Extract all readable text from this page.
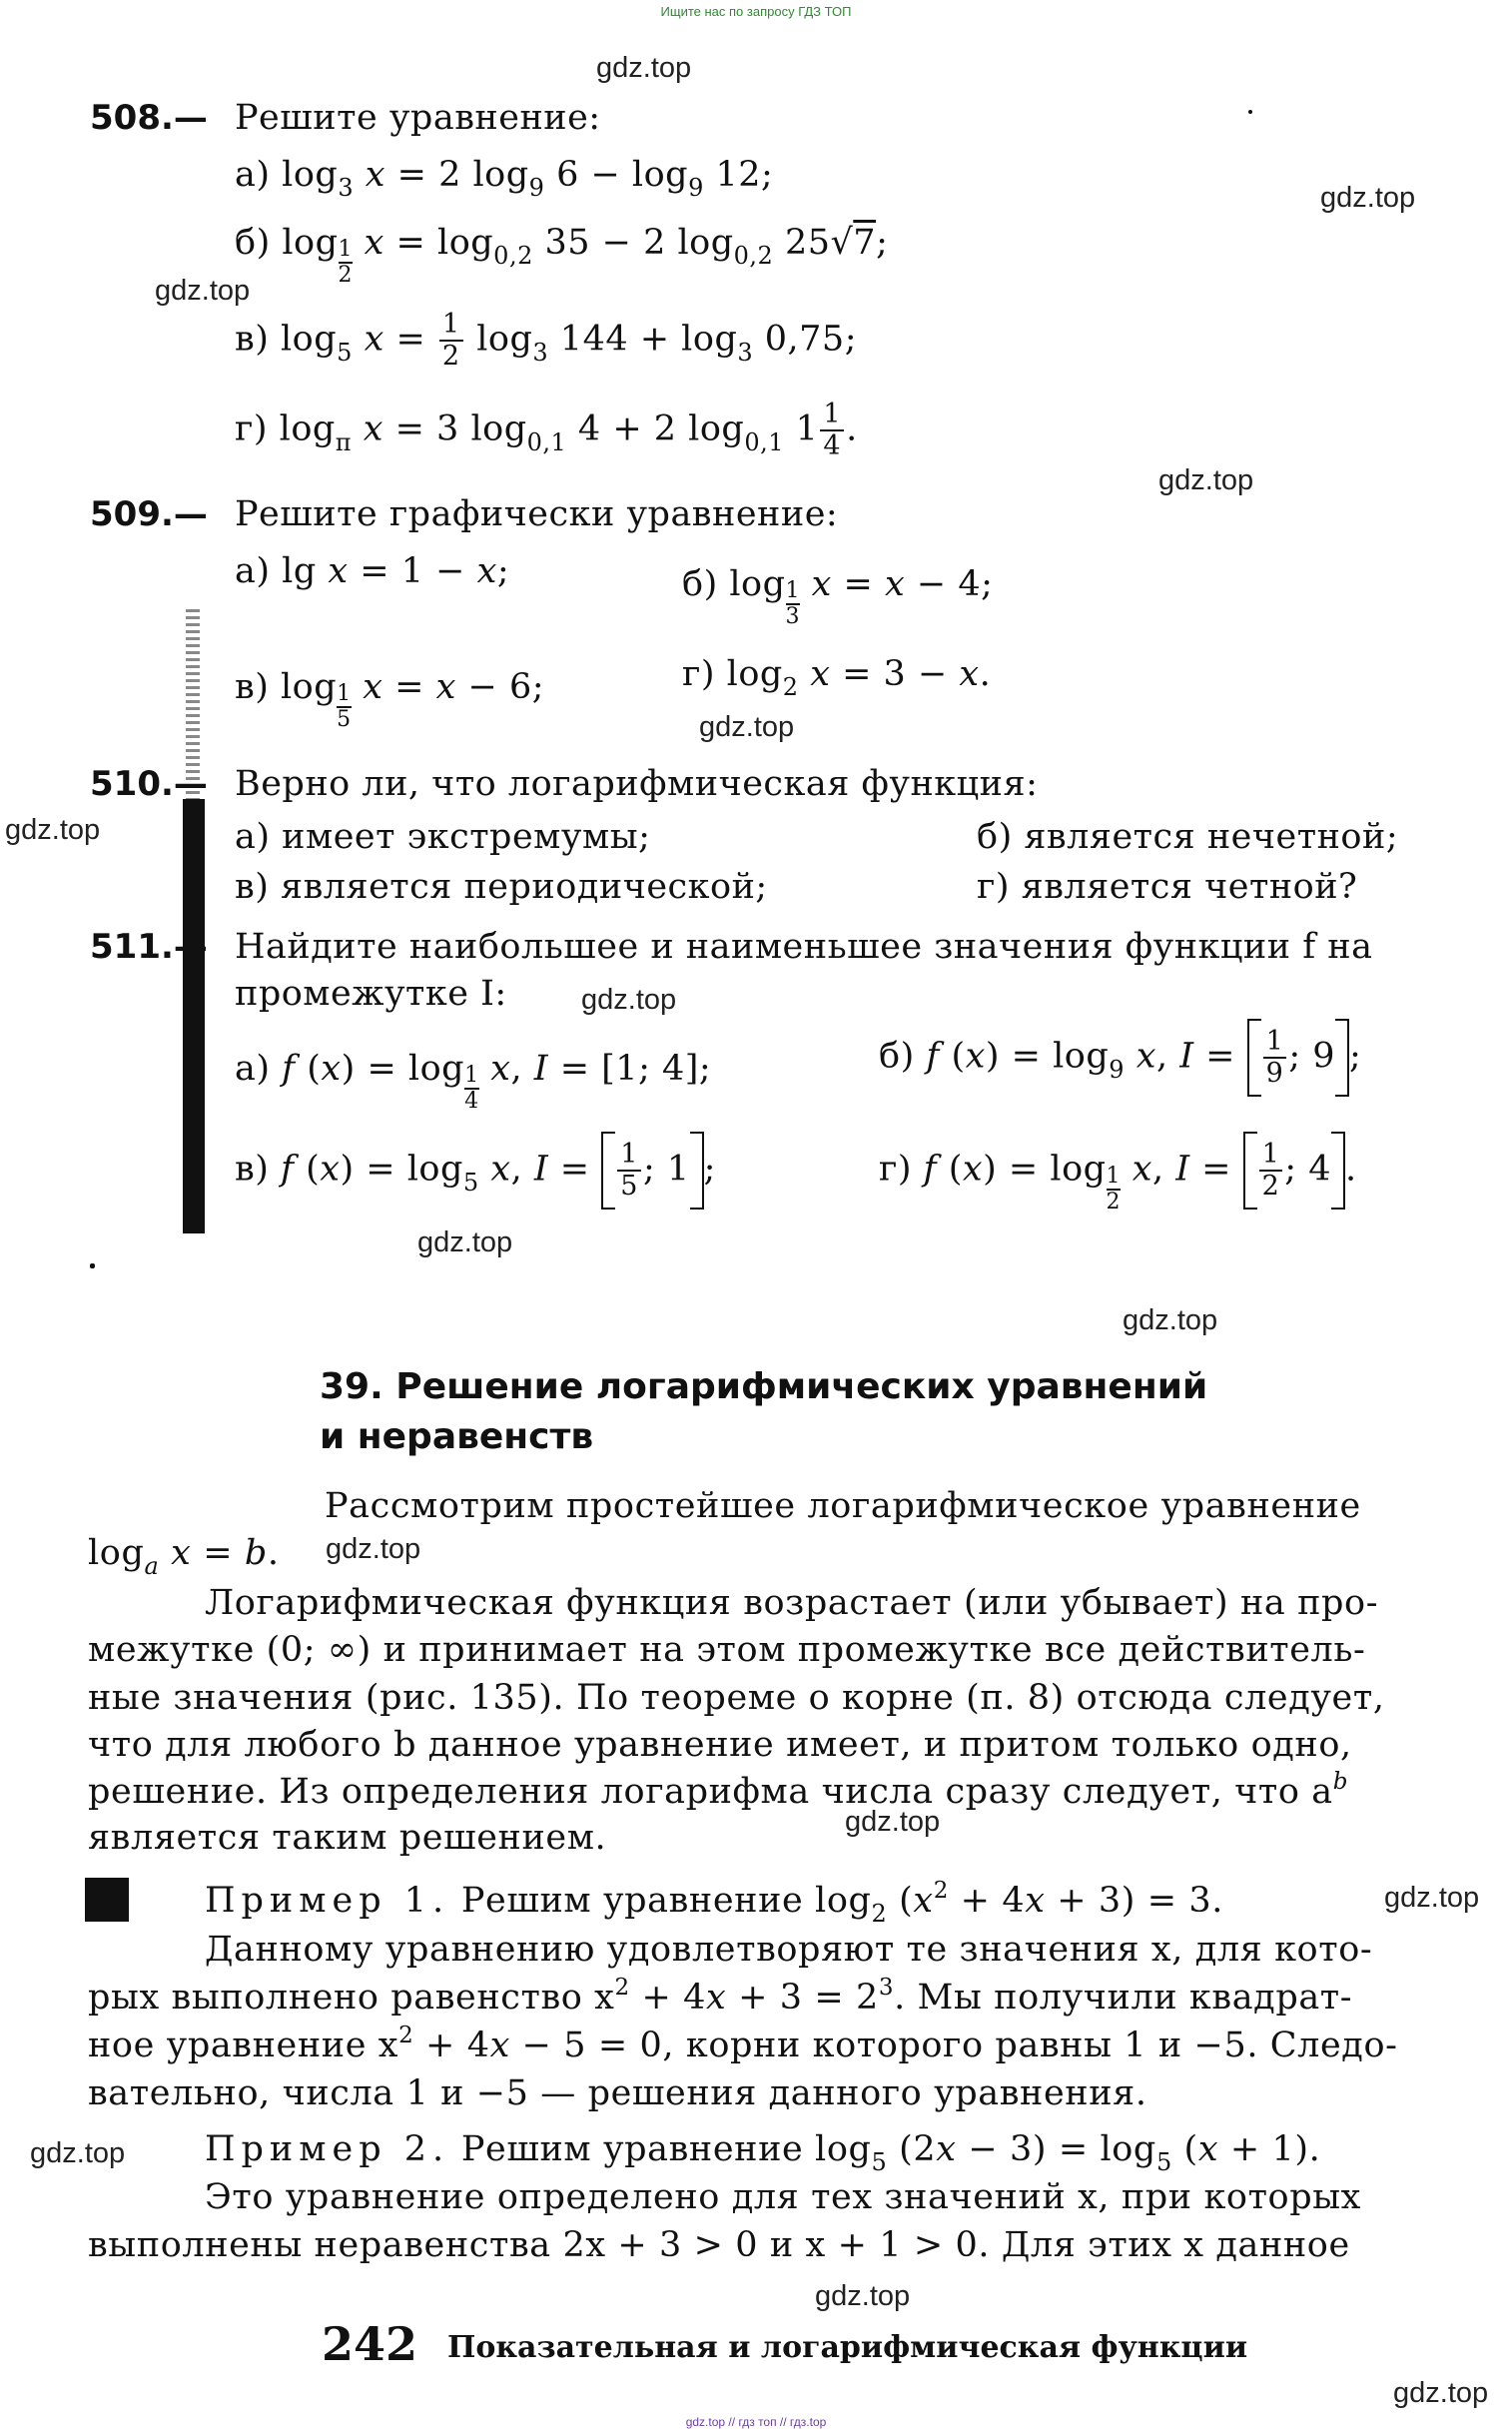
Ищите нас по запросу ГДЗ ТОП
gdz.top // гдз топ // гдз.top
gdz.top
gdz.top
gdz.top
gdz.top
gdz.top
gdz.top
gdz.top
gdz.top
gdz.top
gdz.top
gdz.top
gdz.top
gdz.top
gdz.top
gdz.top
508.— Решите уравнение:
а) $\log_3 x = 2$ $\log_9 6 - \log_9 12$;
б) $\log \frac{1}{2}$ $x = \log_{0,2} 35 - 2$ $\log_{0,2} 25√7$;
в) $\log_5 x = \frac{1}{2} \log_3 144 + \log_3 0,75$;
г) $\log_\pi x = 3$ $\log_{0,1} 4 + 2$ $\log_{0,1} 1 \frac{1}{4}$ .
509.— Решите графически уравнение:
а) lg x = 1 − x;	б) $\log \frac{1}{3}$ x = x − 4;
в) $\log \frac{1}{5}$ x = x − 6;	г) $\log_2 x = 3 - x$.
510.— Верно ли, что логарифмическая функция:
а) имеет экстремумы;	б) является нечетной;
в) является периодической;	г) является четной?
511.— Найдите наибольшее и наименьшее значения функции f на
промежутке I:
а) f $(x) = \log \frac{1}{4} x$, I = [1; 4];	б) f $(x) = \log_9 x$, $I = \frac{1}{9}$ ; 9 ;
в) f $(x) = \log_5 x$, $I = \frac{1}{5}$ ; 1 ;	г) f $(x) = \log \frac{1}{2} x$, $I = \frac{1}{2}$ ; 4 .
39. Решение логарифмических уравнений
и неравенств
Рассмотрим простейшее логарифмическое уравнение
$\log_a x = b$.
Логарифмическая функция возрастает (или убывает) на про-
межутке (0; ∞) и принимает на этом промежутке все действитель-
ные значения (рис. 135). По теореме о корне (п. 8) отсюда следует,
что для любого b данное уравнение имеет, и притом только одно,
решение. Из определения логарифма числа сразу следует, что $a^b$
является таким решением.
Пример 1. Решим уравнение $\log_2 (x^2 + 4x + 3) = 3$.
Данному уравнению удовлетворяют те значения x, для кото-
рых выполнено равенство $x^2 + 4x + 3 = 2^3$. Мы получили квадрат-
ное уравнение $x^2 + 4x - 5 = 0$, корни которого равны 1 и −5. Следо-
вательно, числа 1 и −5 — решения данного уравнения.
Пример 2. Решим уравнение $\log_5 (2x - 3) = \log_5 (x + 1)$.
Это уравнение определено для тех значений x, при которых
выполнены неравенства 2x + 3 > 0 и x + 1 > 0. Для этих x данное
242 Показательная и логарифмическая функции
